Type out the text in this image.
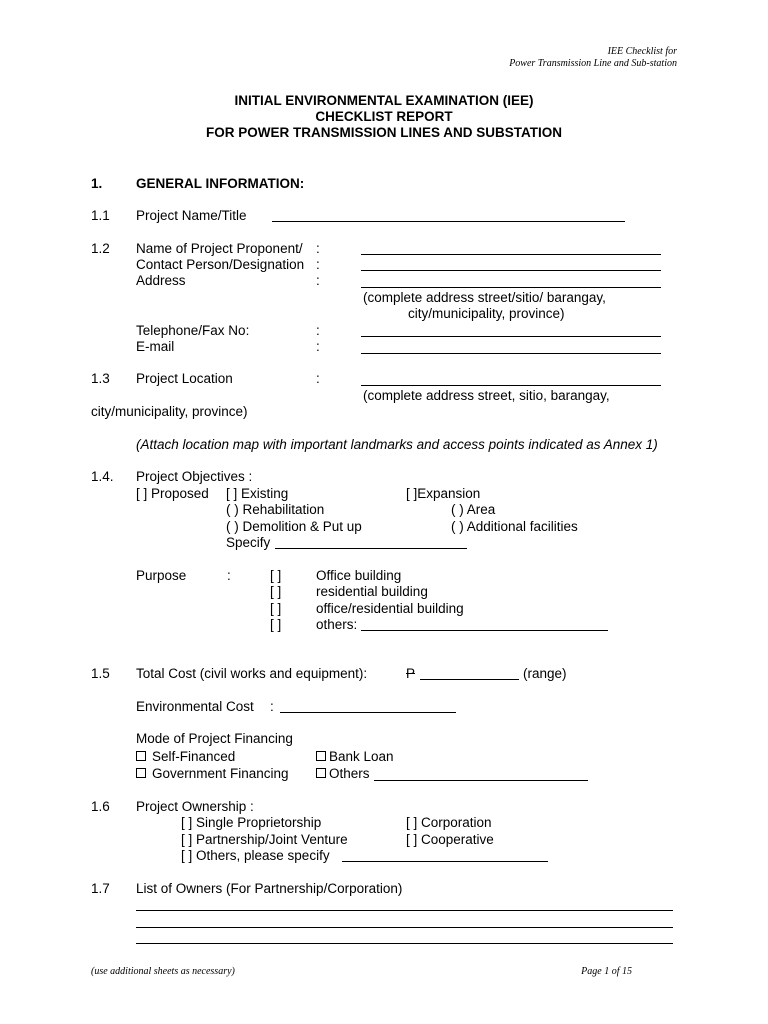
IEE Checklist for
Power Transmission Line and Sub-station
INITIAL ENVIRONMENTAL EXAMINATION (IEE)
CHECKLIST REPORT
FOR POWER TRANSMISSION LINES AND SUBSTATION
1. GENERAL INFORMATION:
1.1 Project Name/Title
1.2 Name of Project Proponent/ :
Contact Person/Designation :
Address	:
(complete address street/sitio/ barangay,
city/municipality, province)
Telephone/Fax No:	:
E-mail	:
1.3 Project Location	:
(complete address street, sitio, barangay,
city/municipality, province)
(Attach location map with important landmarks and access points indicated as Annex 1)
1.4. Project Objectives :
[ ] Proposed [ ] Existing	[ ]Expansion
( ) Rehabilitation	( ) Area
( ) Demolition & Put up	( ) Additional facilities
Specify
Purpose	:	[ ]	Office building
[ ]	residential building
[ ]	office/residential building
[ ]	others:
1.5 Total Cost (civil works and equipment):	P	(range)
Environmental Cost :
Mode of Project Financing
Self-Financed	Bank Loan
Government Financing	Others
1.6 Project Ownership :
[ ] Single Proprietorship	[ ] Corporation
[ ] Partnership/Joint Venture	[ ] Cooperative
[ ] Others, please specify
1.7 List of Owners (For Partnership/Corporation)
(use additional sheets as necessary)	Page 1 of 15
